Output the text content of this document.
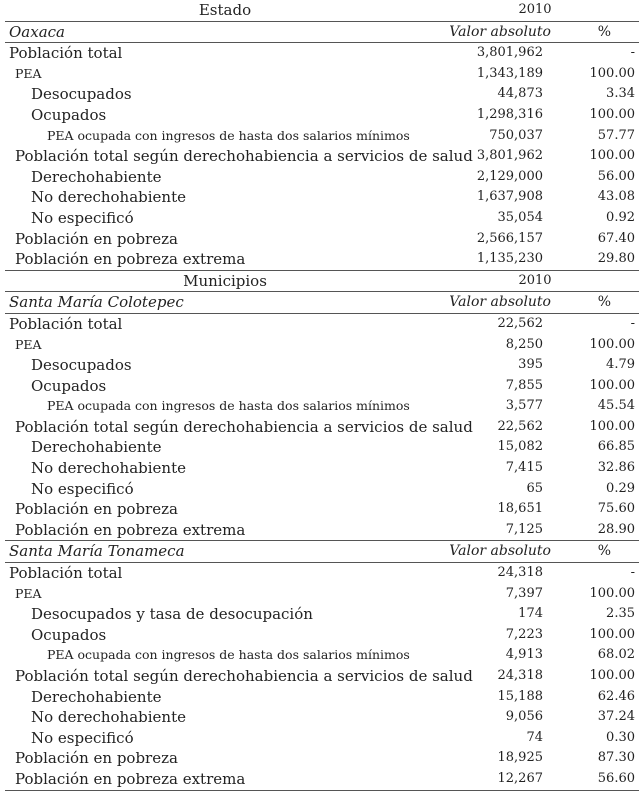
Estado	2010
Oaxaca	Valor absoluto	%
Población total	3,801,962	-
PEA	1,343,189	100.00
Desocupados	44,873	3.34
Ocupados	1,298,316	100.00
PEA ocupada con ingresos de hasta dos salarios mínimos	750,037	57.77
Población total según derechohabiencia a servicios de salud 3,801,962	100.00
Derechohabiente	2,129,000	56.00
No derechohabiente	1,637,908	43.08
No especificó	35,054	0.92
Población en pobreza	2,566,157	67.40
Población en pobreza extrema	1,135,230	29.80
Municipios	2010
Santa María Colotepec	Valor absoluto	%
Población total	22,562	-
PEA	8,250	100.00
Desocupados	395	4.79
Ocupados	7,855	100.00
PEA ocupada con ingresos de hasta dos salarios mínimos	3,577	45.54
Población total según derechohabiencia a servicios de salud 22,562	100.00
Derechohabiente	15,082	66.85
No derechohabiente	7,415	32.86
No especificó	65	0.29
Población en pobreza	18,651	75.60
Población en pobreza extrema	7,125	28.90
Santa María Tonameca	Valor absoluto	%
Población total	24,318	-
PEA	7,397	100.00
Desocupados y tasa de desocupación	174	2.35
Ocupados	7,223	100.00
PEA ocupada con ingresos de hasta dos salarios mínimos	4,913	68.02
Población total según derechohabiencia a servicios de salud 24,318	100.00
Derechohabiente	15,188	62.46
No derechohabiente	9,056	37.24
No especificó	74	0.30
Población en pobreza	18,925	87.30
Población en pobreza extrema	12,267	56.60
